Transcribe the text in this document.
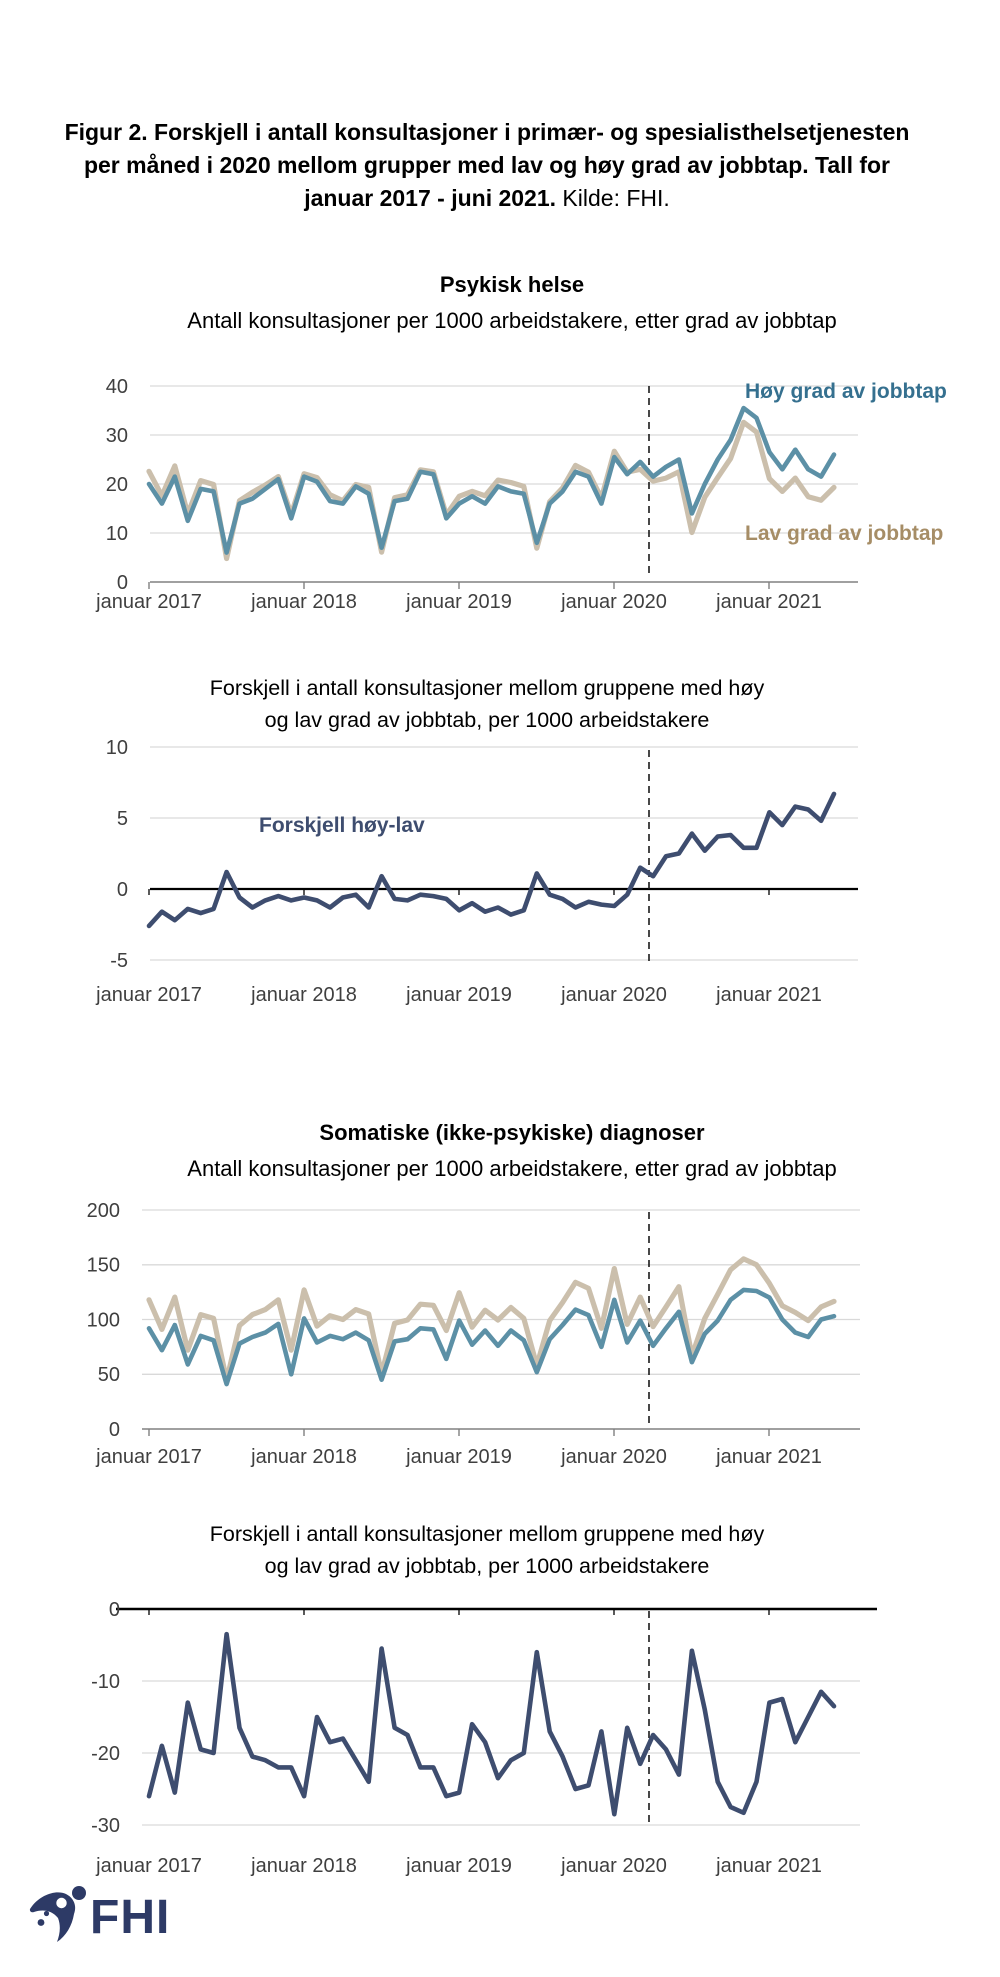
40
30
20
10
0
januar 2017 januar 2018 januar 2019 januar 2020 januar 2021
10
5
0
-5
januar 2017 januar 2018 januar 2019 januar 2020 januar 2021
200
150
100
50
0
januar 2017 januar 2018 januar 2019 januar 2020 januar 2021
0
-10
-20
-30
januar 2017 januar 2018 januar 2019 januar 2020 januar 2021
Figur 2. Forskjell i antall konsultasjoner i primær- og spesialisthelsetjenesten
per måned i 2020 mellom grupper med lav og høy grad av jobbtap. Tall for
januar 2017 - juni 2021. Kilde: FHI.
Psykisk helse
Antall konsultasjoner per 1000 arbeidstakere, etter grad av jobbtap
Høy grad av jobbtap
Lav grad av jobbtap
Forskjell i antall konsultasjoner mellom gruppene med høy
og lav grad av jobbtab, per 1000 arbeidstakere
Forskjell høy-lav
Somatiske (ikke-psykiske) diagnoser
Antall konsultasjoner per 1000 arbeidstakere, etter grad av jobbtap
Forskjell i antall konsultasjoner mellom gruppene med høy
og lav grad av jobbtab, per 1000 arbeidstakere
FHI
